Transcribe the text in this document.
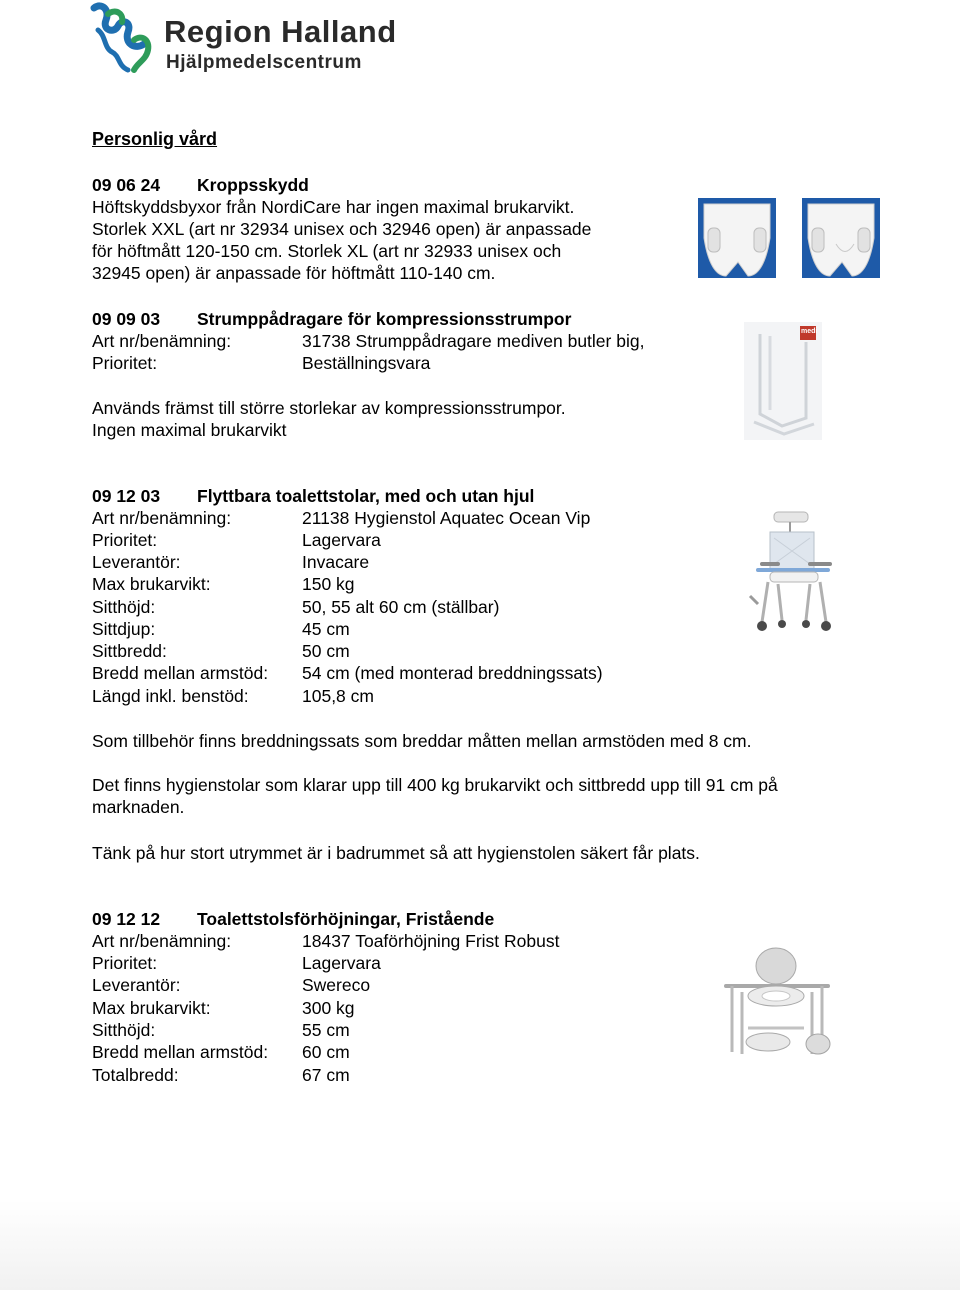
Region Halland
Hjälpmedelscentrum
Personlig vård
09 06 24 Kroppsskydd
Höftskyddsbyxor från NordiCare har ingen maximal brukarvikt.
Storlek XXL (art nr 32934 unisex och 32946 open) är anpassade
för höftmått 120-150 cm. Storlek XL (art nr 32933 unisex och
32945 open) är anpassade för höftmått 110-140 cm.
09 09 03 Strumppådragare för kompressionsstrumpor
Art nr/benämning:	31738 Strumppådragare mediven butler big,
Prioritet:	Beställningsvara
Används främst till större storlekar av kompressionsstrumpor.
Ingen maximal brukarvikt
medi
09 12 03 Flyttbara toalettstolar, med och utan hjul
Art nr/benämning:	21138 Hygienstol Aquatec Ocean Vip
Prioritet:	Lagervara
Leverantör:	Invacare
Max brukarvikt:	150 kg
Sitthöjd:	50, 55 alt 60 cm (ställbar)
Sittdjup:	45 cm
Sittbredd:	50 cm
Bredd mellan armstöd: 54 cm (med monterad breddningssats)
Längd inkl. benstöd:	105,8 cm
Som tillbehör finns breddningssats som breddar måtten mellan armstöden med 8 cm.
Det finns hygienstolar som klarar upp till 400 kg brukarvikt och sittbredd upp till 91 cm på
marknaden.
Tänk på hur stort utrymmet är i badrummet så att hygienstolen säkert får plats.
09 12 12 Toalettstolsförhöjningar, Fristående
Art nr/benämning:	18437 Toaförhöjning Frist Robust
Prioritet:	Lagervara
Leverantör:	Swereco
Max brukarvikt:	300 kg
Sitthöjd:	55 cm
Bredd mellan armstöd: 60 cm
Totalbredd:	67 cm
